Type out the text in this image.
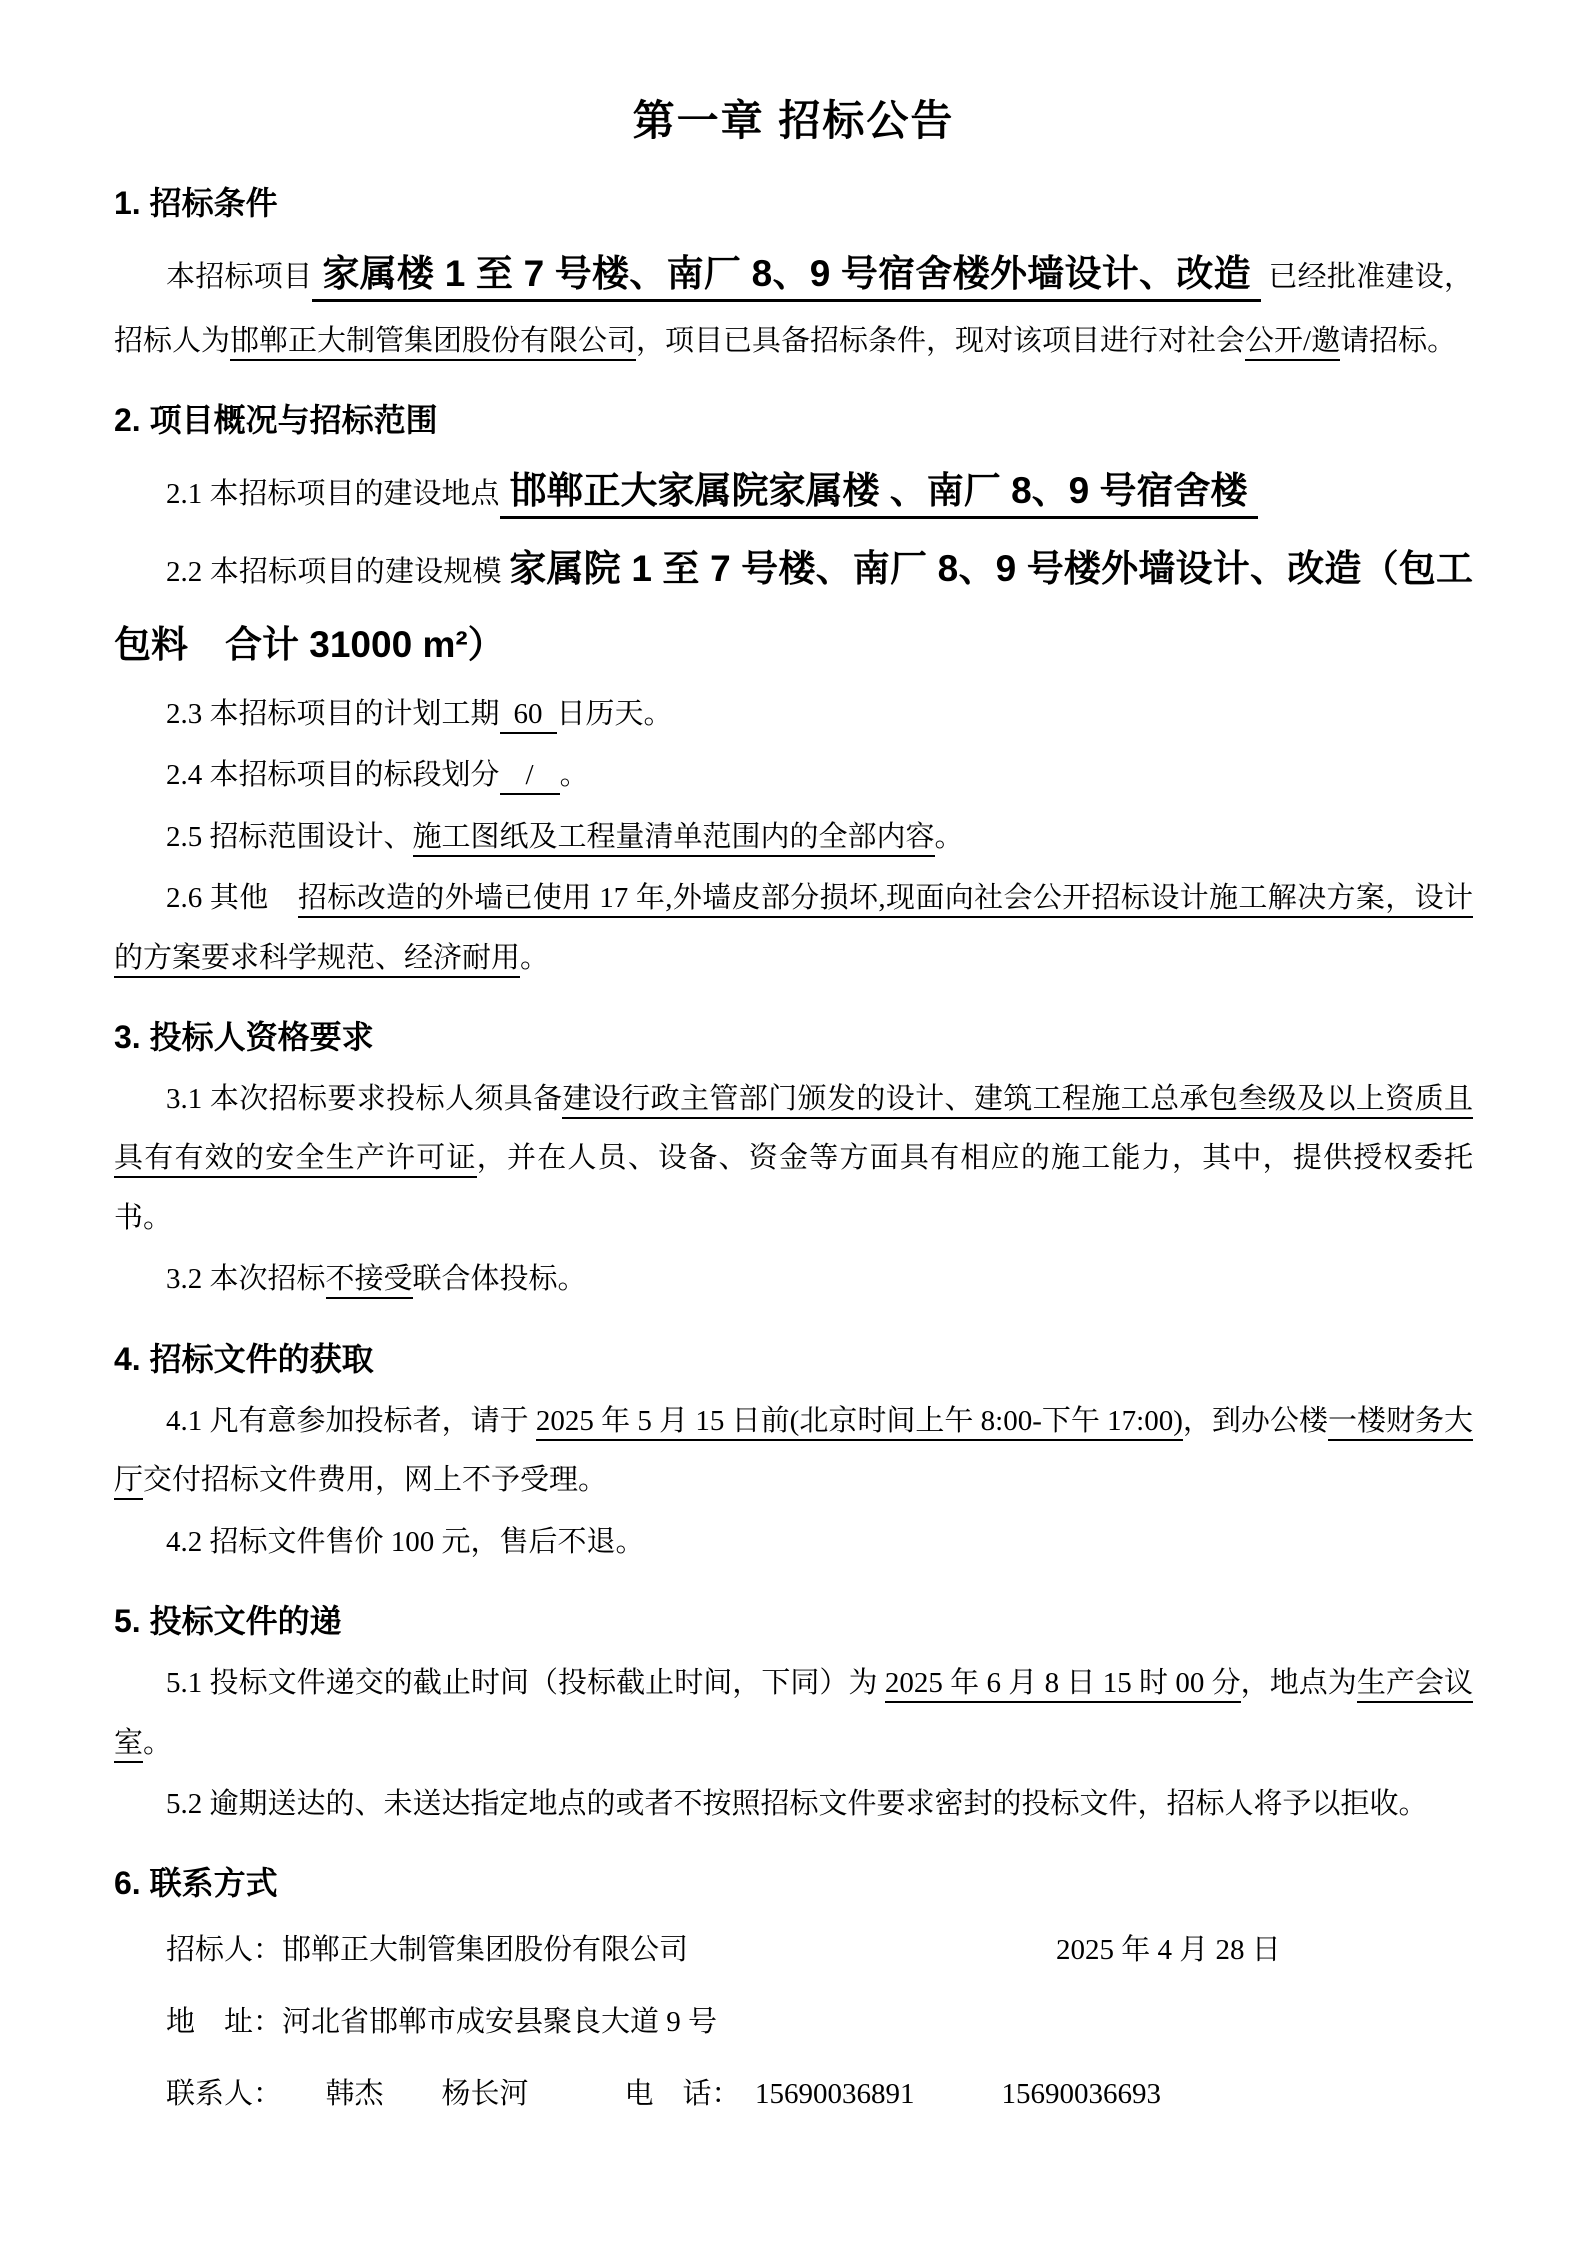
第一章 招标公告
1. 招标条件

本招标项目 家属楼 1 至 7 号楼、南厂 8、9 号宿舍楼外墙设计、改造 已经批准建设，招标人为邯郸正大制管集团股份有限公司，项目已具备招标条件，现对该项目进行对社会公开/邀请招标。

2. 项目概况与招标范围

2.1 本招标项目的建设地点 邯郸正大家属院家属楼 、南厂 8、9 号宿舍楼

2.2 本招标项目的建设规模 家属院 1 至 7 号楼、南厂 8、9 号楼外墙设计、改造（包工包料　合计 31000 m²）

2.3 本招标项目的计划工期 60 日历天。

2.4 本招标项目的标段划分 / 。

2.5 招标范围设计、施工图纸及工程量清单范围内的全部内容。

2.6 其他　招标改造的外墙已使用 17 年,外墙皮部分损坏,现面向社会公开招标设计施工解决方案，设计的方案要求科学规范、经济耐用。

3. 投标人资格要求

3.1 本次招标要求投标人须具备建设行政主管部门颁发的设计、建筑工程施工总承包叁级及以上资质且具有有效的安全生产许可证，并在人员、设备、资金等方面具有相应的施工能力，其中，提供授权委托书。

3.2 本次招标不接受联合体投标。

4. 招标文件的获取

4.1 凡有意参加投标者，请于 2025 年 5 月 15 日前(北京时间上午 8:00-下午 17:00)，到办公楼一楼财务大厅交付招标文件费用，网上不予受理。

4.2 招标文件售价 100 元，售后不退。

5. 投标文件的递

5.1 投标文件递交的截止时间（投标截止时间，下同）为 2025 年 6 月 8 日 15 时 00 分，地点为生产会议室。

5.2 逾期送达的、未送达指定地点的或者不按照招标文件要求密封的投标文件，招标人将予以拒收。

6. 联系方式

招标人：邯郸正大制管集团股份有限公司	2025 年 4 月 28 日

地　址：河北省邯郸市成安县聚良大道 9 号

联系人：　　韩杰　　杨长河	电　话：　15690036891　　　15690036693
